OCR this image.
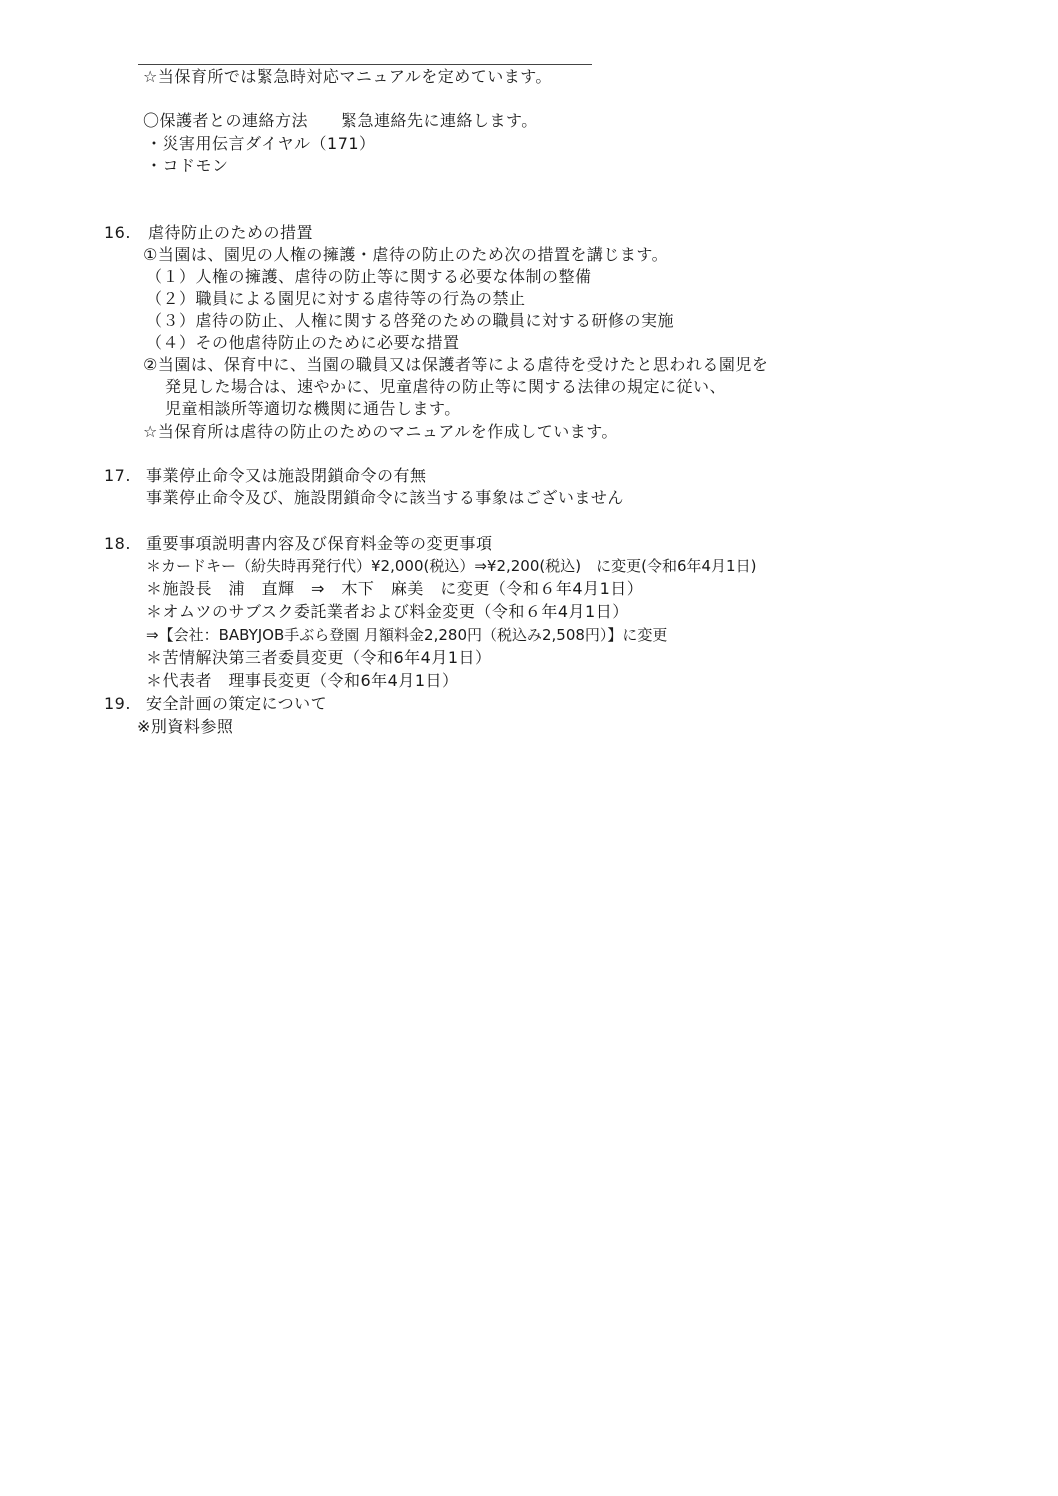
☆当保育所では緊急時対応マニュアルを定めています。
〇保護者との連絡方法　　緊急連絡先に連絡します。
・災害用伝言ダイヤル（171）
・コドモン
16. 虐待防止のための措置
①当園は、園児の人権の擁護・虐待の防止のため次の措置を講じます。
（１）人権の擁護、虐待の防止等に関する必要な体制の整備
（２）職員による園児に対する虐待等の行為の禁止
（３）虐待の防止、人権に関する啓発のための職員に対する研修の実施
（４）その他虐待防止のために必要な措置
②当園は、保育中に、当園の職員又は保護者等による虐待を受けたと思われる園児を
発見した場合は、速やかに、児童虐待の防止等に関する法律の規定に従い、
児童相談所等適切な機関に通告します。
☆当保育所は虐待の防止のためのマニュアルを作成しています。
17. 事業停止命令又は施設閉鎖命令の有無
事業停止命令及び、施設閉鎖命令に該当する事象はございません
18. 重要事項説明書内容及び保育料金等の変更事項
＊カードキー（紛失時再発行代）¥2,000(税込）⇒¥2,200(税込)　に変更(令和6年4月1日)
＊施設長　浦　直輝　⇒　木下　麻美　に変更（令和６年4月1日）
＊オムツのサブスク委託業者および料金変更（令和６年4月1日）
⇒【会社：BABYJOB手ぶら登園 月額料金2,280円（税込み2,508円）】に変更
＊苦情解決第三者委員変更（令和6年4月1日）
＊代表者　理事長変更（令和6年4月1日）
19. 安全計画の策定について
※別資料参照
